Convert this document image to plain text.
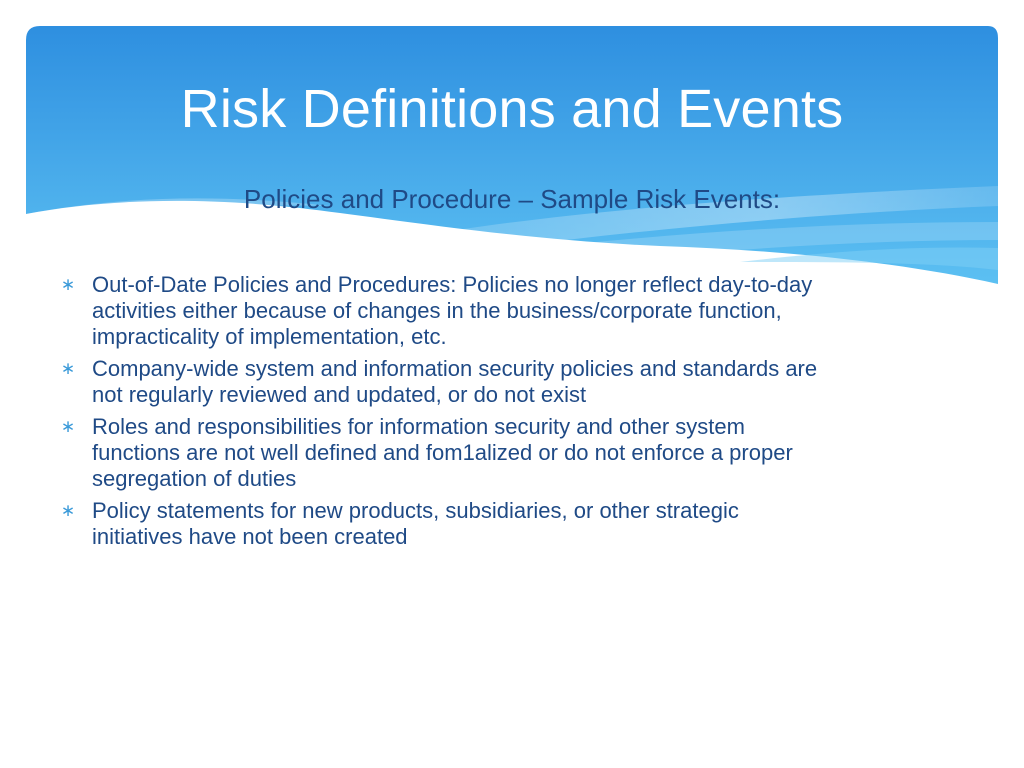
Risk Definitions and Events
Policies and Procedure – Sample Risk Events:
∗ Out-of-Date Policies and Procedures: Policies no longer reflect day-to-day
activities either because of changes in the business/corporate function,
impracticality of implementation, etc.
∗ Company-wide system and information security policies and standards are
not regularly reviewed and updated, or do not exist
∗ Roles and responsibilities for information security and other system
functions are not well defined and fom1alized or do not enforce a proper
segregation of duties
∗ Policy statements for new products, subsidiaries, or other strategic
initiatives have not been created
